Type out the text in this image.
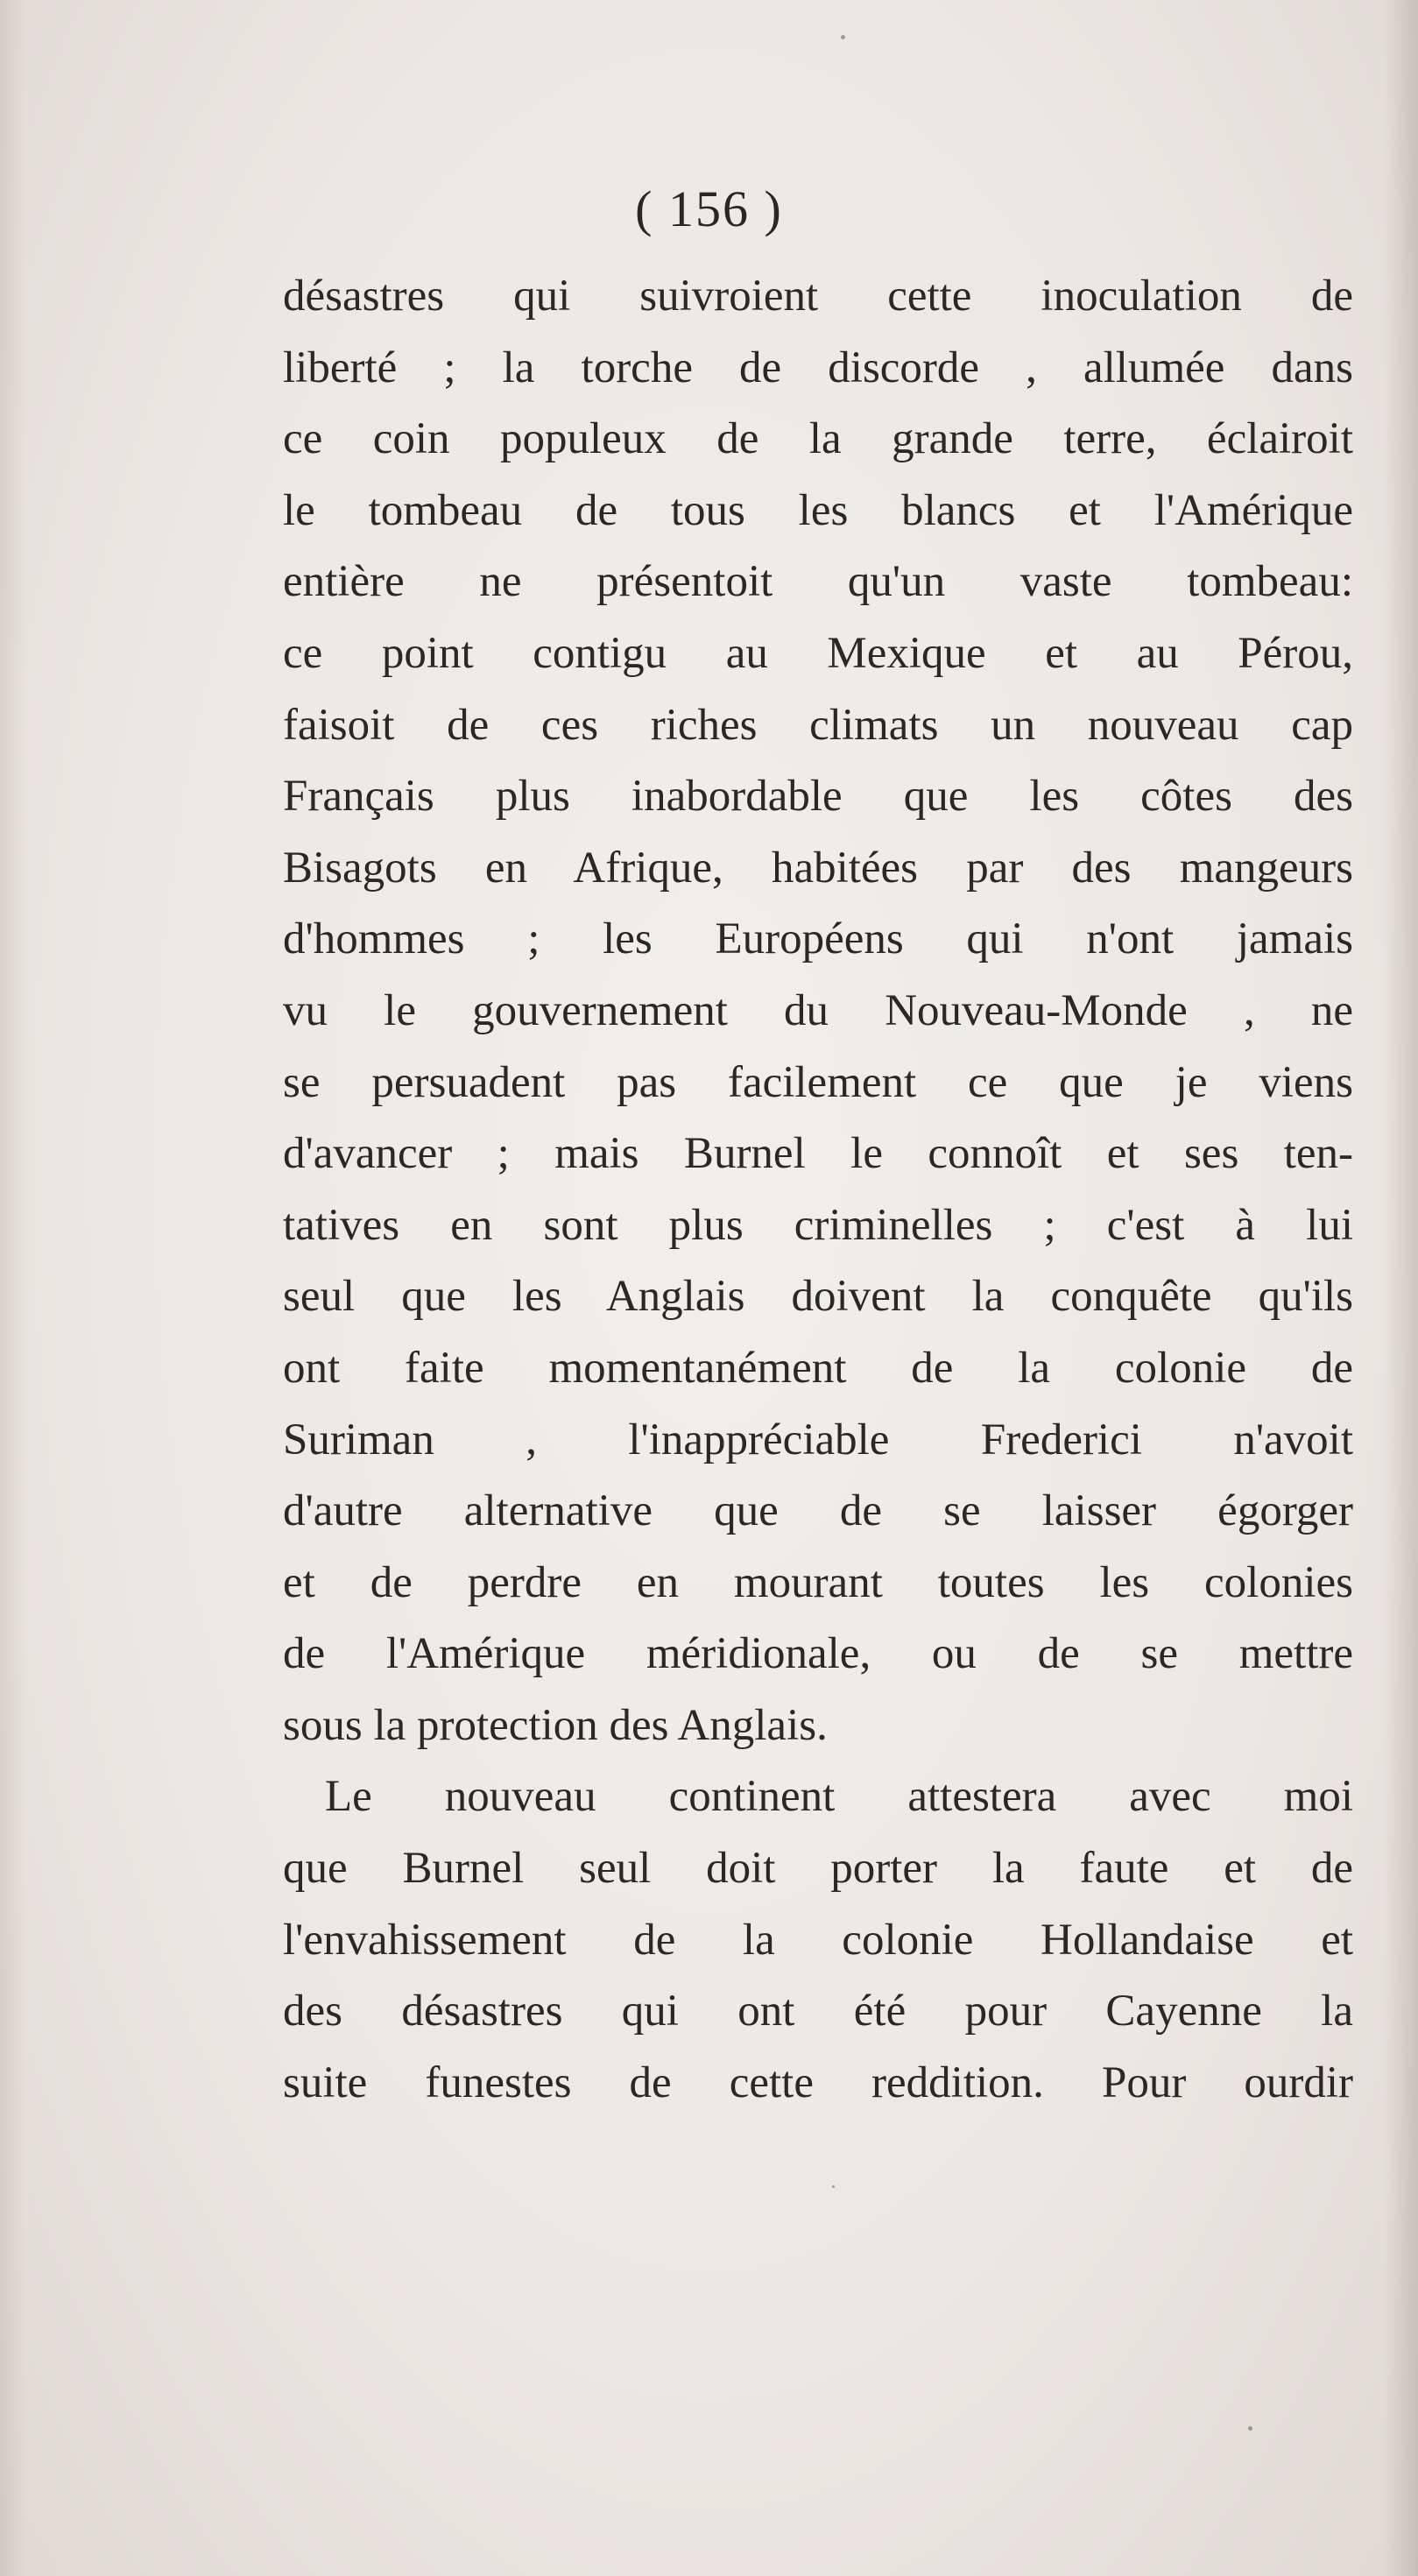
( 156 )
désastres qui suivroient cette inoculation de
liberté ; la torche de discorde , allumée dans
ce coin populeux de la grande terre, éclairoit
le tombeau de tous les blancs et l'Amérique
entière ne présentoit qu'un vaste tombeau:
ce point contigu au Mexique et au Pérou,
faisoit de ces riches climats un nouveau cap
Français plus inabordable que les côtes des
Bisagots en Afrique, habitées par des mangeurs
d'hommes ; les Européens qui n'ont jamais
vu le gouvernement du Nouveau-Monde , ne
se persuadent pas facilement ce que je viens
d'avancer ; mais Burnel le connoît et ses ten-
tatives en sont plus criminelles ; c'est à lui
seul que les Anglais doivent la conquête qu'ils
ont faite momentanément de la colonie de
Suriman , l'inappréciable Frederici n'avoit
d'autre alternative que de se laisser égorger
et de perdre en mourant toutes les colonies
de l'Amérique méridionale, ou de se mettre
sous la protection des Anglais.
Le nouveau continent attestera avec moi
que Burnel seul doit porter la faute et de
l'envahissement de la colonie Hollandaise et
des désastres qui ont été pour Cayenne la
suite funestes de cette reddition. Pour ourdir
